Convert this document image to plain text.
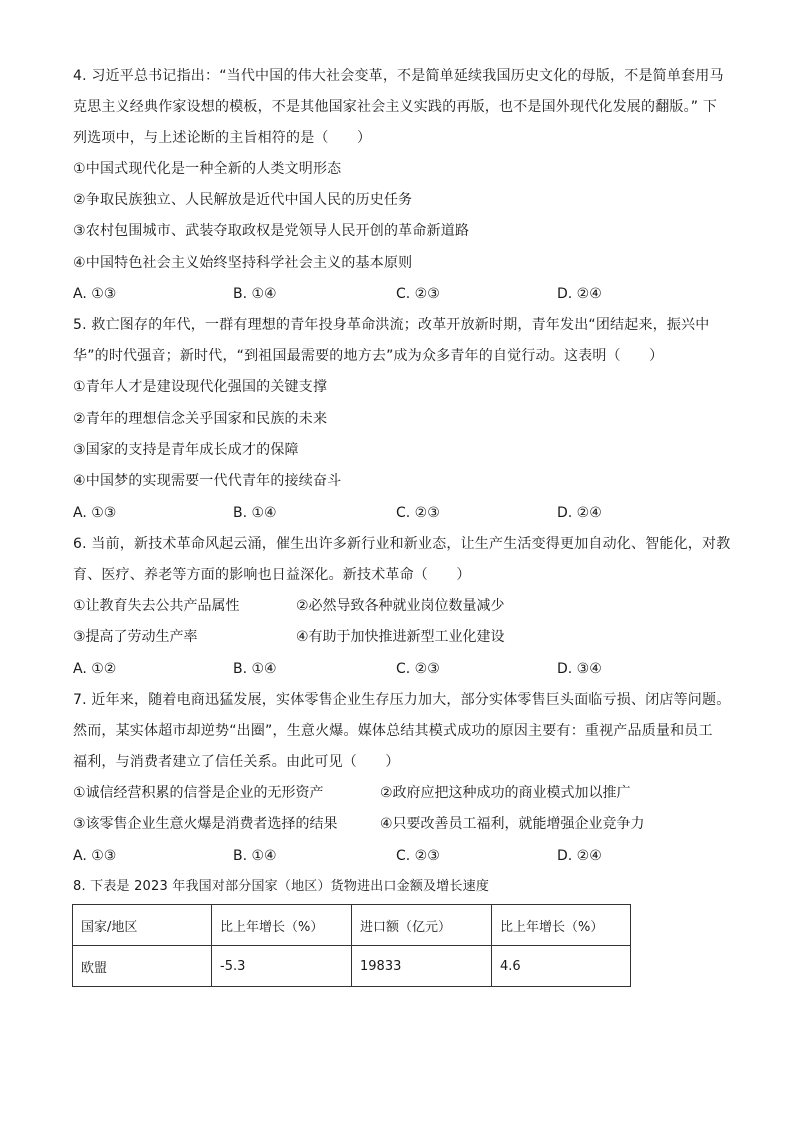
4. 习近平总书记指出：“当代中国的伟大社会变革，不是简单延续我国历史文化的母版，不是简单套用马
克思主义经典作家设想的模板，不是其他国家社会主义实践的再版，也不是国外现代化发展的翻版。” 下
列选项中，与上述论断的主旨相符的是（　　）
①中国式现代化是一种全新的人类文明形态
②争取民族独立、人民解放是近代中国人民的历史任务
③农村包围城市、武装夺取政权是党领导人民开创的革命新道路
④中国特色社会主义始终坚持科学社会主义的基本原则
A. ①③	B. ①④	C. ②③	D. ②④
5. 救亡图存的年代，一群有理想的青年投身革命洪流；改革开放新时期，青年发出“团结起来，振兴中
华”的时代强音；新时代，“到祖国最需要的地方去”成为众多青年的自觉行动。这表明（　　）
①青年人才是建设现代化强国的关键支撑
②青年的理想信念关乎国家和民族的未来
③国家的支持是青年成长成才的保障
④中国梦的实现需要一代代青年的接续奋斗
A. ①③	B. ①④	C. ②③	D. ②④
6. 当前，新技术革命风起云涌，催生出许多新行业和新业态，让生产生活变得更加自动化、智能化，对教
育、医疗、养老等方面的影响也日益深化。新技术革命（　　）
①让教育失去公共产品属性	②必然导致各种就业岗位数量减少
③提高了劳动生产率	④有助于加快推进新型工业化建设
A. ①②	B. ①④	C. ②③	D. ③④
7. 近年来，随着电商迅猛发展，实体零售企业生存压力加大，部分实体零售巨头面临亏损、闭店等问题。
然而，某实体超市却逆势“出圈”，生意火爆。媒体总结其模式成功的原因主要有：重视产品质量和员工
福利，与消费者建立了信任关系。由此可见（　　）
①诚信经营积累的信誉是企业的无形资产	②政府应把这种成功的商业模式加以推广
③该零售企业生意火爆是消费者选择的结果	④只要改善员工福利，就能增强企业竞争力
A. ①③	B. ①④	C. ②③	D. ②④
8. 下表是 2023 年我国对部分国家（地区）货物进出口金额及增长速度
国家/地区	比上年增长（%）	进口额（亿元）	比上年增长（%）
欧盟	-5.3	19833	4.6
